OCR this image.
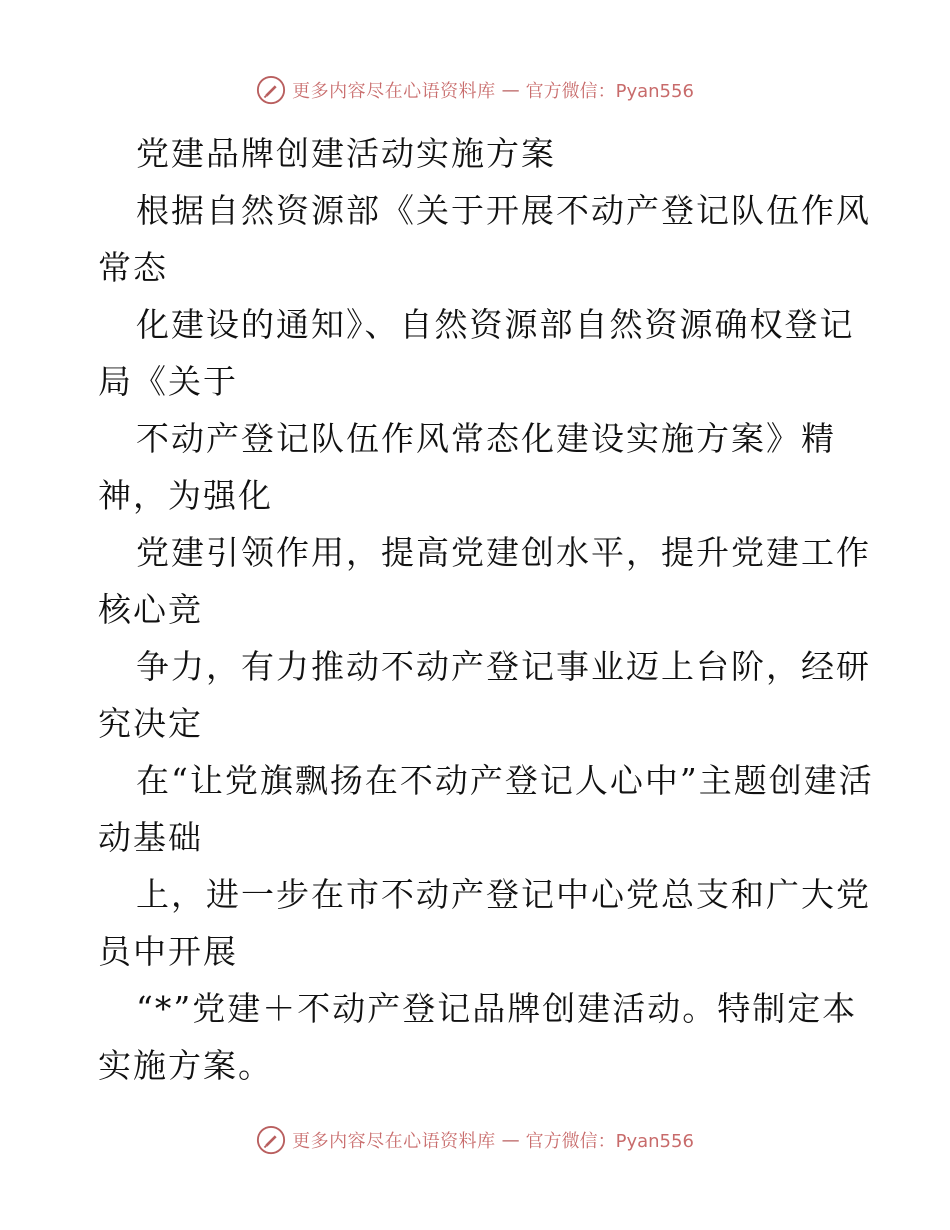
更多内容尽在心语资料库 — 官方微信：Pyan556

党建品牌创建活动实施方案

根据自然资源部《关于开展不动产登记队伍作风常态

化建设的通知》、自然资源部自然资源确权登记局《关于

不动产登记队伍作风常态化建设实施方案》精神，为强化

党建引领作用，提高党建创水平，提升党建工作核心竞

争力，有力推动不动产登记事业迈上台阶，经研究决定

在“让党旗飘扬在不动产登记人心中”主题创建活动基础

上，进一步在市不动产登记中心党总支和广大党员中开展

“*”党建＋不动产登记品牌创建活动。特制定本实施方案。

更多内容尽在心语资料库 — 官方微信：Pyan556
